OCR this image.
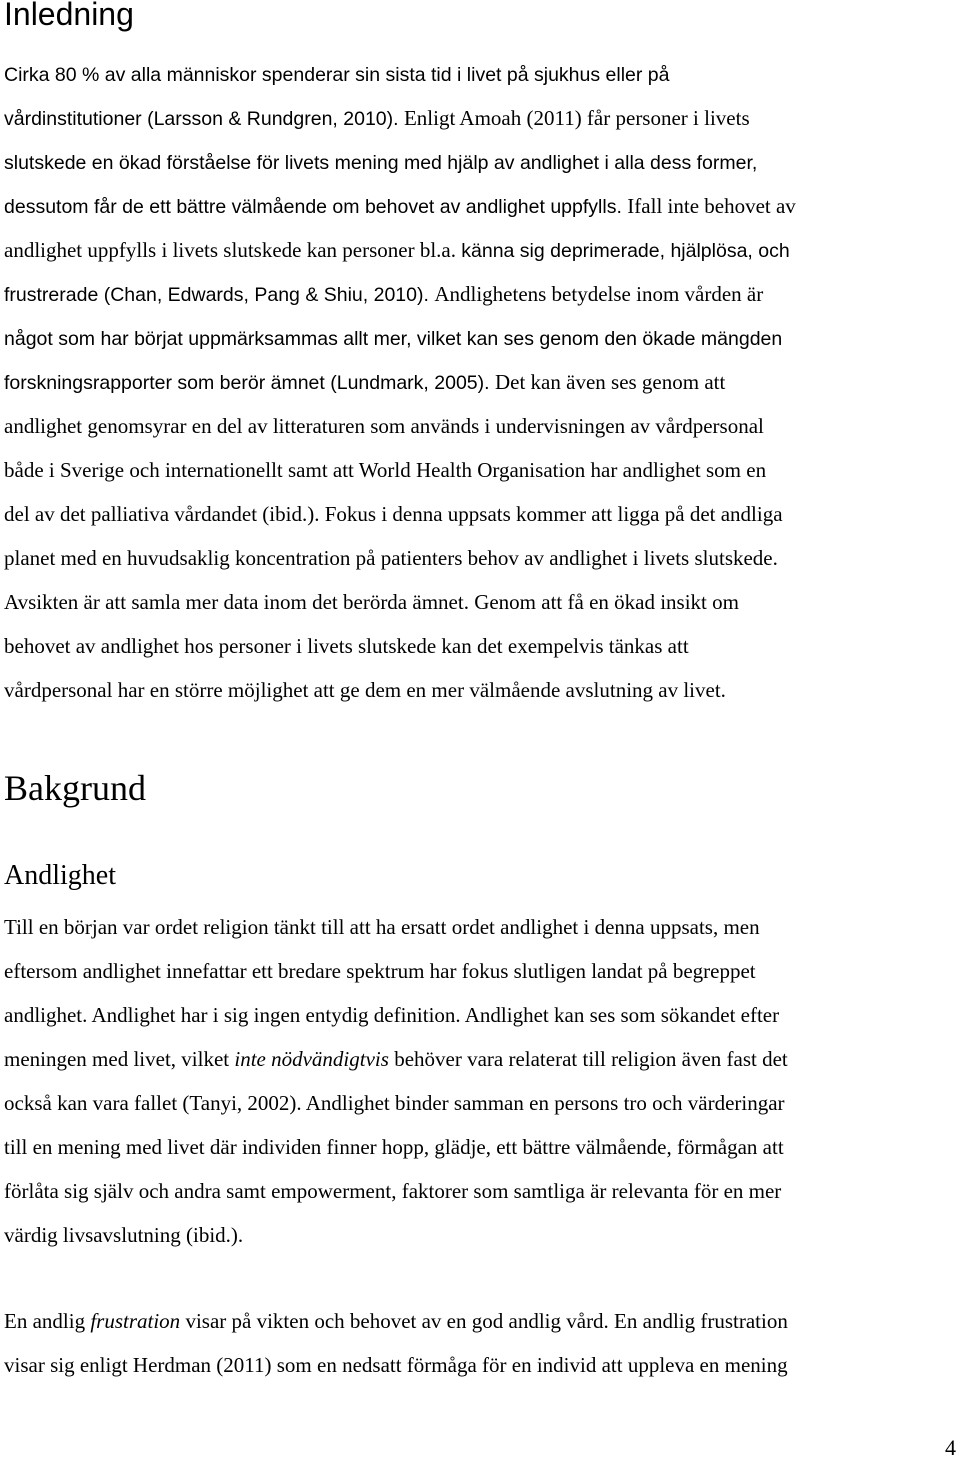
Inledning
Cirka 80 % av alla människor spenderar sin sista tid i livet på sjukhus eller på
vårdinstitutioner (Larsson & Rundgren, 2010). Enligt Amoah (2011) får personer i livets
slutskede en ökad förståelse för livets mening med hjälp av andlighet i alla dess former,
dessutom får de ett bättre välmående om behovet av andlighet uppfylls. Ifall inte behovet av
andlighet uppfylls i livets slutskede kan personer bl.a. känna sig deprimerade, hjälplösa, och
frustrerade (Chan, Edwards, Pang & Shiu, 2010). Andlighetens betydelse inom vården är
något som har börjat uppmärksammas allt mer, vilket kan ses genom den ökade mängden
forskningsrapporter som berör ämnet (Lundmark, 2005). Det kan även ses genom att
andlighet genomsyrar en del av litteraturen som används i undervisningen av vårdpersonal
både i Sverige och internationellt samt att World Health Organisation har andlighet som en
del av det palliativa vårdandet (ibid.). Fokus i denna uppsats kommer att ligga på det andliga
planet med en huvudsaklig koncentration på patienters behov av andlighet i livets slutskede.
Avsikten är att samla mer data inom det berörda ämnet. Genom att få en ökad insikt om
behovet av andlighet hos personer i livets slutskede kan det exempelvis tänkas att
vårdpersonal har en större möjlighet att ge dem en mer välmående avslutning av livet.
Bakgrund
Andlighet
Till en början var ordet religion tänkt till att ha ersatt ordet andlighet i denna uppsats, men
eftersom andlighet innefattar ett bredare spektrum har fokus slutligen landat på begreppet
andlighet. Andlighet har i sig ingen entydig definition. Andlighet kan ses som sökandet efter
meningen med livet, vilket inte nödvändigtvis behöver vara relaterat till religion även fast det
också kan vara fallet (Tanyi, 2002). Andlighet binder samman en persons tro och värderingar
till en mening med livet där individen finner hopp, glädje, ett bättre välmående, förmågan att
förlåta sig själv och andra samt empowerment, faktorer som samtliga är relevanta för en mer
värdig livsavslutning (ibid.).
En andlig frustration visar på vikten och behovet av en god andlig vård. En andlig frustration
visar sig enligt Herdman (2011) som en nedsatt förmåga för en individ att uppleva en mening
4
